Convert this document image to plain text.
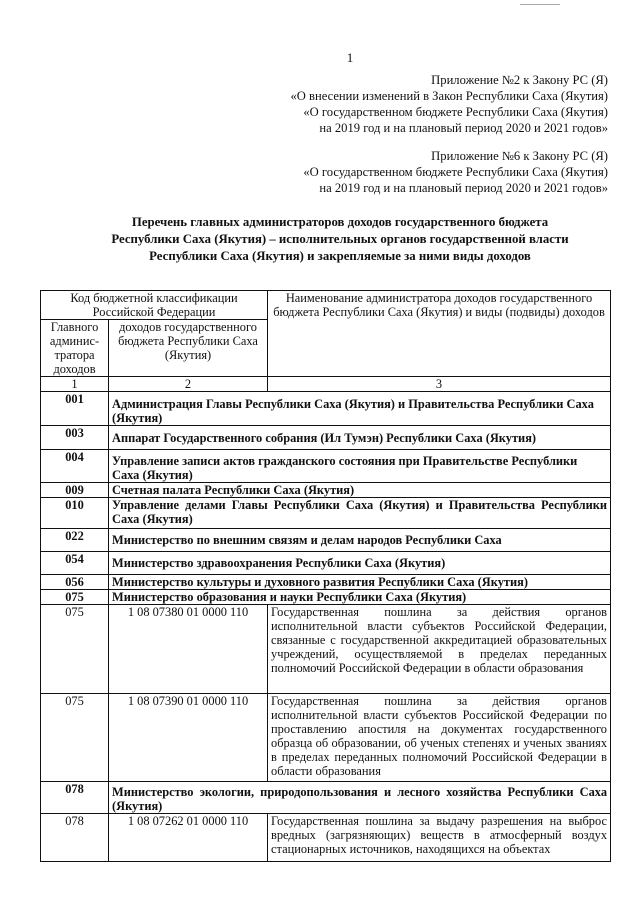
1
Приложение №2 к Закону РС (Я)
«О внесении изменений в Закон Республики Саха (Якутия)
«О государственном бюджете Республики Саха (Якутия)
на 2019 год и на плановый период 2020 и 2021 годов»
Приложение №6 к Закону РС (Я)
«О государственном бюджете Республики Саха (Якутия)
на 2019 год и на плановый период 2020 и 2021 годов»
Перечень главных администраторов доходов государственного бюджета
Республики Саха (Якутия) – исполнительных органов государственной власти
Республики Саха (Якутия) и закрепляемые за ними виды доходов
Код бюджетной классификации Российской Федерации		Наименование администратора доходов государственного бюджета Республики Саха (Якутия) и виды (подвиды) доходов
Главного админис-тратора доходов	доходов государственного бюджета Республики Саха (Якутия)	
1	2	3
001	Администрация Главы Республики Саха (Якутия) и Правительства Республики Саха (Якутия)	
003	Аппарат Государственного собрания (Ил Тумэн) Республики Саха (Якутия)	
004	Управление записи актов гражданского состояния при Правительстве Республики Саха (Якутия)	
009	Счетная палата Республики Саха (Якутия)	
010	Управление делами Главы Республики Саха (Якутия) и Правительства Республики Саха (Якутия)	
022	Министерство по внешним связям и делам народов Республики Саха	
054	Министерство здравоохранения Республики Саха (Якутия)	
056	Министерство культуры и духовного развития Республики Саха (Якутия)	
075	Министерство образования и науки Республики Саха (Якутия)	
075	1 08 07380 01 0000 110	Государственная пошлина за действия органов исполнительной власти субъектов Российской Федерации, связанные с государственной аккредитацией образовательных учреждений, осуществляемой в пределах переданных полномочий Российской Федерации в области образования
075	1 08 07390 01 0000 110	Государственная пошлина за действия органов исполнительной власти субъектов Российской Федерации по проставлению апостиля на документах государственного образца об образовании, об ученых степенях и ученых званиях в пределах переданных полномочий Российской Федерации в области образования
078	Министерство экологии, природопользования и лесного хозяйства Республики Саха (Якутия)	
078	1 08 07262 01 0000 110	Государственная пошлина за выдачу разрешения на выброс вредных (загрязняющих) веществ в атмосферный воздух стационарных источников, находящихся на объектах
